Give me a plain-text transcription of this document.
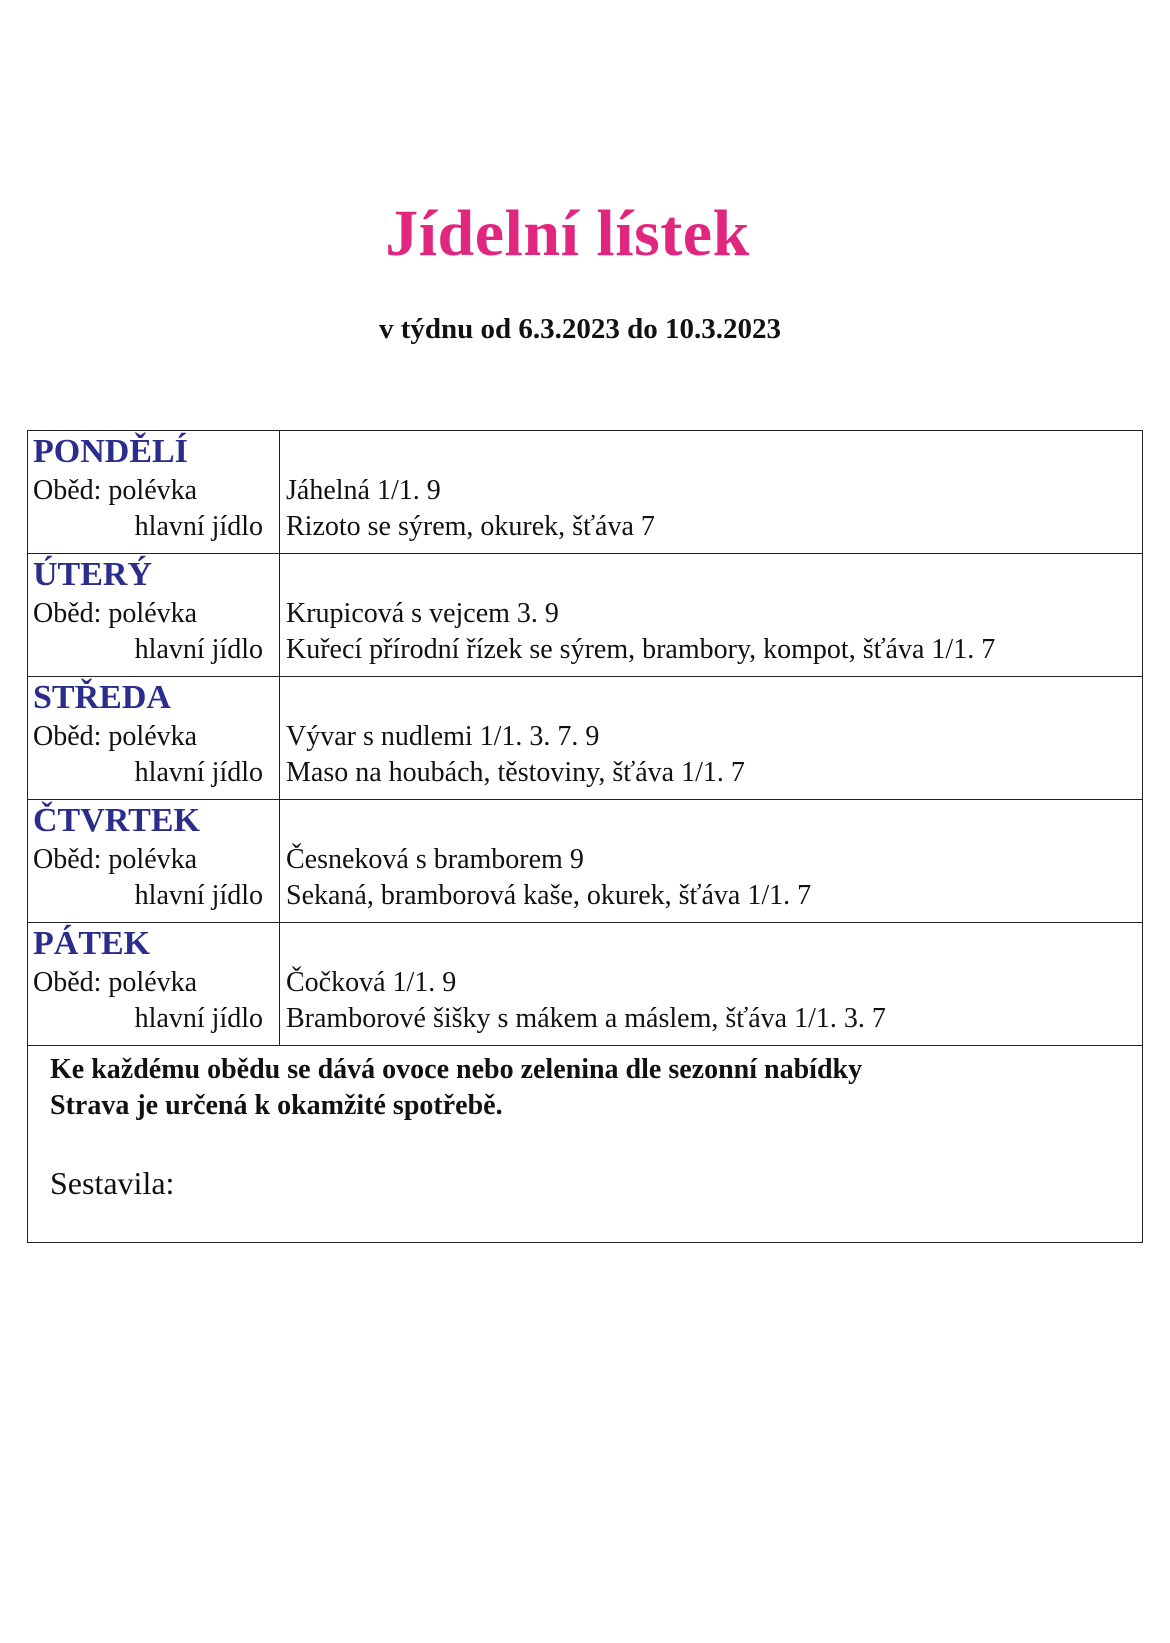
Jídelní lístek
v týdnu od 6.3.2023 do 10.3.2023
PONDĚLÍ
Oběd: polévka
hlavní jídlo
Jáhelná 1/1. 9
Rizoto se sýrem, okurek, šťáva 7
ÚTERÝ
Oběd: polévka
hlavní jídlo
Krupicová s vejcem 3. 9
Kuřecí přírodní řízek se sýrem, brambory, kompot, šťáva 1/1. 7
STŘEDA
Oběd: polévka
hlavní jídlo
Vývar s nudlemi 1/1. 3. 7. 9
Maso na houbách, těstoviny, šťáva 1/1. 7
ČTVRTEK
Oběd: polévka
hlavní jídlo
Česneková s bramborem 9
Sekaná, bramborová kaše, okurek, šťáva 1/1. 7
PÁTEK
Oběd: polévka
hlavní jídlo
Čočková 1/1. 9
Bramborové šišky s mákem a máslem, šťáva 1/1. 3. 7
Ke každému obědu se dává ovoce nebo zelenina dle sezonní nabídky
Strava je určená k okamžité spotřebě.
Sestavila:
